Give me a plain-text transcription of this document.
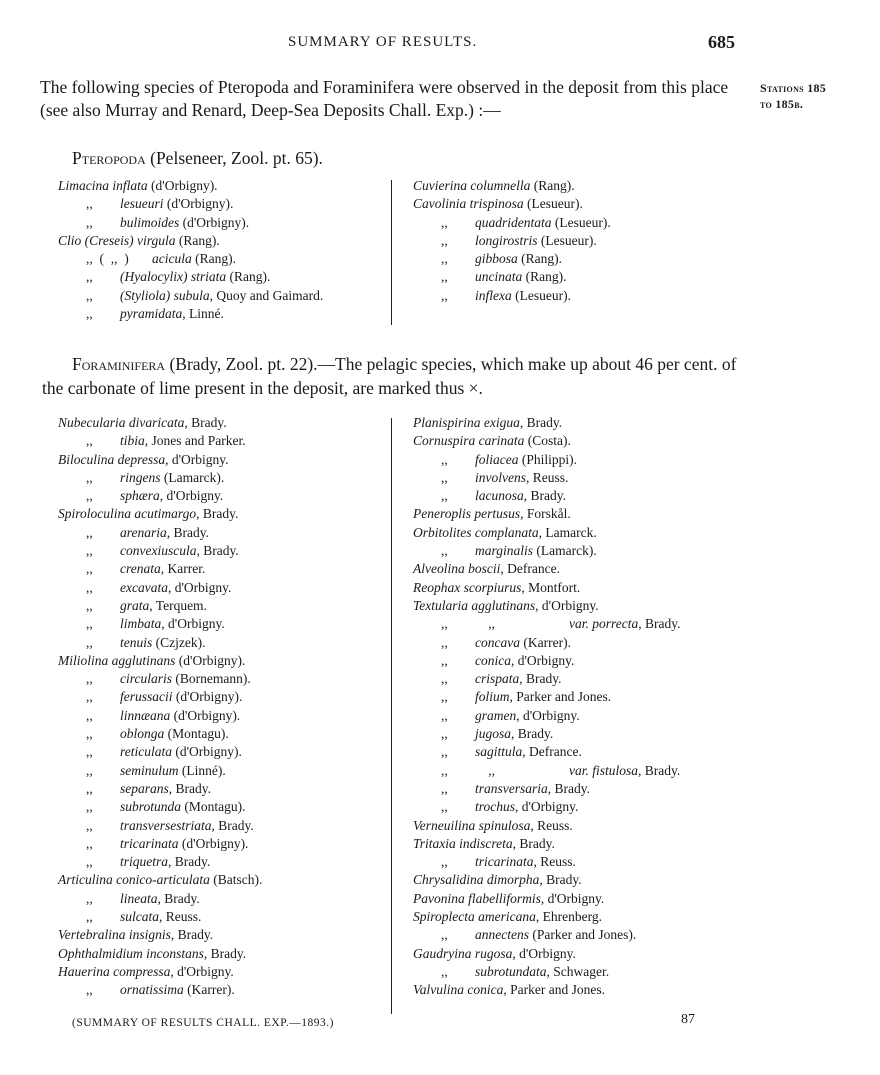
SUMMARY OF RESULTS.	685
The following species of Pteropoda and Foraminifera were observed in the deposit from this place (see also Murray and Renard, Deep-Sea Deposits Chall. Exp.) :—
Stations 185
to 185b.
Pteropoda (Pelseneer, Zool. pt. 65).
Limacina inflata (d'Orbigny).
,, lesueuri (d'Orbigny).
,, bulimoides (d'Orbigny).
Clio (Creseis) virgula (Rang).
,,  (  ,,  ) acicula (Rang).
,, (Hyalocylix) striata (Rang).
,, (Styliola) subula, Quoy and Gaimard.
,, pyramidata, Linné.
Cuvierina columnella (Rang).
Cavolinia trispinosa (Lesueur).
,, quadridentata (Lesueur).
,, longirostris (Lesueur).
,, gibbosa (Rang).
,, uncinata (Rang).
,, inflexa (Lesueur).
Foraminifera (Brady, Zool. pt. 22).—The pelagic species, which make up about 46 per cent. of the carbonate of lime present in the deposit, are marked thus ×.
Nubecularia divaricata, Brady.
,, tibia, Jones and Parker.
Biloculina depressa, d'Orbigny.
,, ringens (Lamarck).
,, sphæra, d'Orbigny.
Spiroloculina acutimargo, Brady.
,, arenaria, Brady.
,, convexiuscula, Brady.
,, crenata, Karrer.
,, excavata, d'Orbigny.
,, grata, Terquem.
,, limbata, d'Orbigny.
,, tenuis (Czjzek).
Miliolina agglutinans (d'Orbigny).
,, circularis (Bornemann).
,, ferussacii (d'Orbigny).
,, linnæana (d'Orbigny).
,, oblonga (Montagu).
,, reticulata (d'Orbigny).
,, seminulum (Linné).
,, separans, Brady.
,, subrotunda (Montagu).
,, transversestriata, Brady.
,, tricarinata (d'Orbigny).
,, triquetra, Brady.
Articulina conico-articulata (Batsch).
,, lineata, Brady.
,, sulcata, Reuss.
Vertebralina insignis, Brady.
Ophthalmidium inconstans, Brady.
Hauerina compressa, d'Orbigny.
,, ornatissima (Karrer).
Planispirina exigua, Brady.
Cornuspira carinata (Costa).
,, foliacea (Philippi).
,, involvens, Reuss.
,, lacunosa, Brady.
Peneroplis pertusus, Forskål.
Orbitolites complanata, Lamarck.
,, marginalis (Lamarck).
Alveolina boscii, Defrance.
Reophax scorpiurus, Montfort.
Textularia agglutinans, d'Orbigny.
,,            ,,	var. porrecta, Brady.
,, concava (Karrer).
,, conica, d'Orbigny.
,, crispata, Brady.
,, folium, Parker and Jones.
,, gramen, d'Orbigny.
,, jugosa, Brady.
,, sagittula, Defrance.
,,            ,,	var. fistulosa, Brady.
,, transversaria, Brady.
,, trochus, d'Orbigny.
Verneuilina spinulosa, Reuss.
Tritaxia indiscreta, Brady.
,, tricarinata, Reuss.
Chrysalidina dimorpha, Brady.
Pavonina flabelliformis, d'Orbigny.
Spiroplecta americana, Ehrenberg.
,, annectens (Parker and Jones).
Gaudryina rugosa, d'Orbigny.
,, subrotundata, Schwager.
Valvulina conica, Parker and Jones.
(SUMMARY OF RESULTS CHALL. EXP.—1893.)	87
